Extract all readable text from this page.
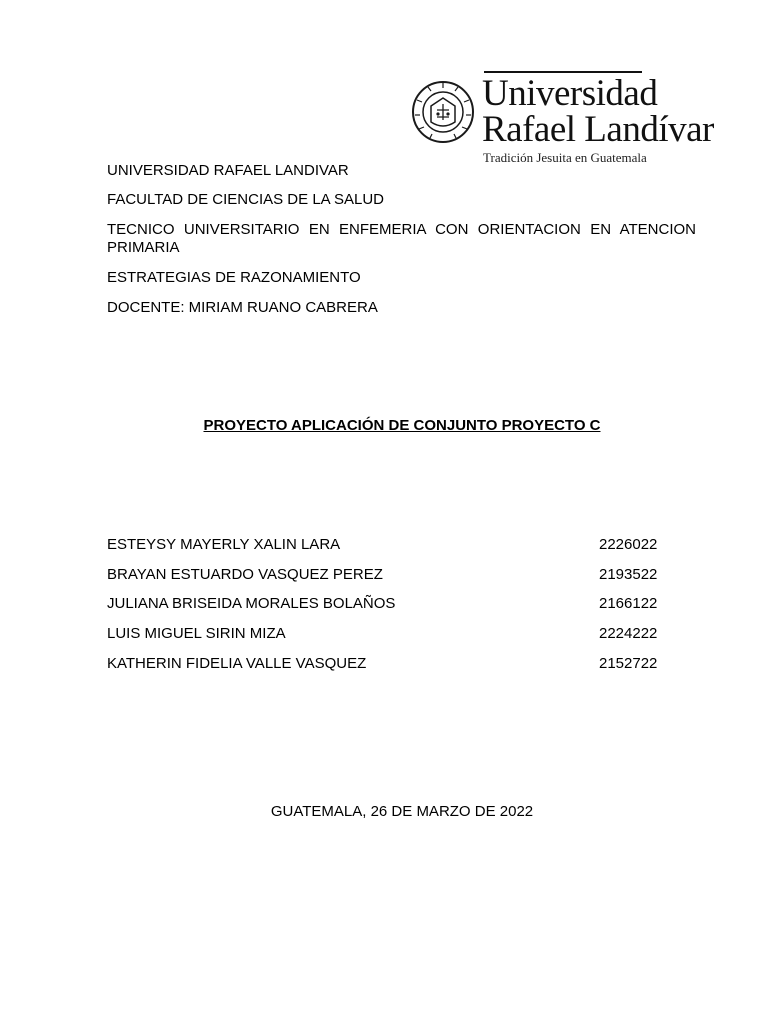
Universidad
Rafael Landívar
Tradición Jesuita en Guatemala
UNIVERSIDAD RAFAEL LANDIVAR
FACULTAD DE CIENCIAS DE LA SALUD
TECNICO UNIVERSITARIO EN ENFEMERIA CON ORIENTACION EN ATENCION PRIMARIA
ESTRATEGIAS DE RAZONAMIENTO
DOCENTE: MIRIAM RUANO CABRERA
PROYECTO APLICACIÓN DE CONJUNTO PROYECTO C
ESTEYSY MAYERLY XALIN LARA	2226022
BRAYAN ESTUARDO VASQUEZ PEREZ	2193522
JULIANA BRISEIDA MORALES BOLAÑOS	2166122
LUIS MIGUEL SIRIN MIZA	2224222
KATHERIN FIDELIA VALLE VASQUEZ	2152722
GUATEMALA, 26 DE MARZO DE 2022
